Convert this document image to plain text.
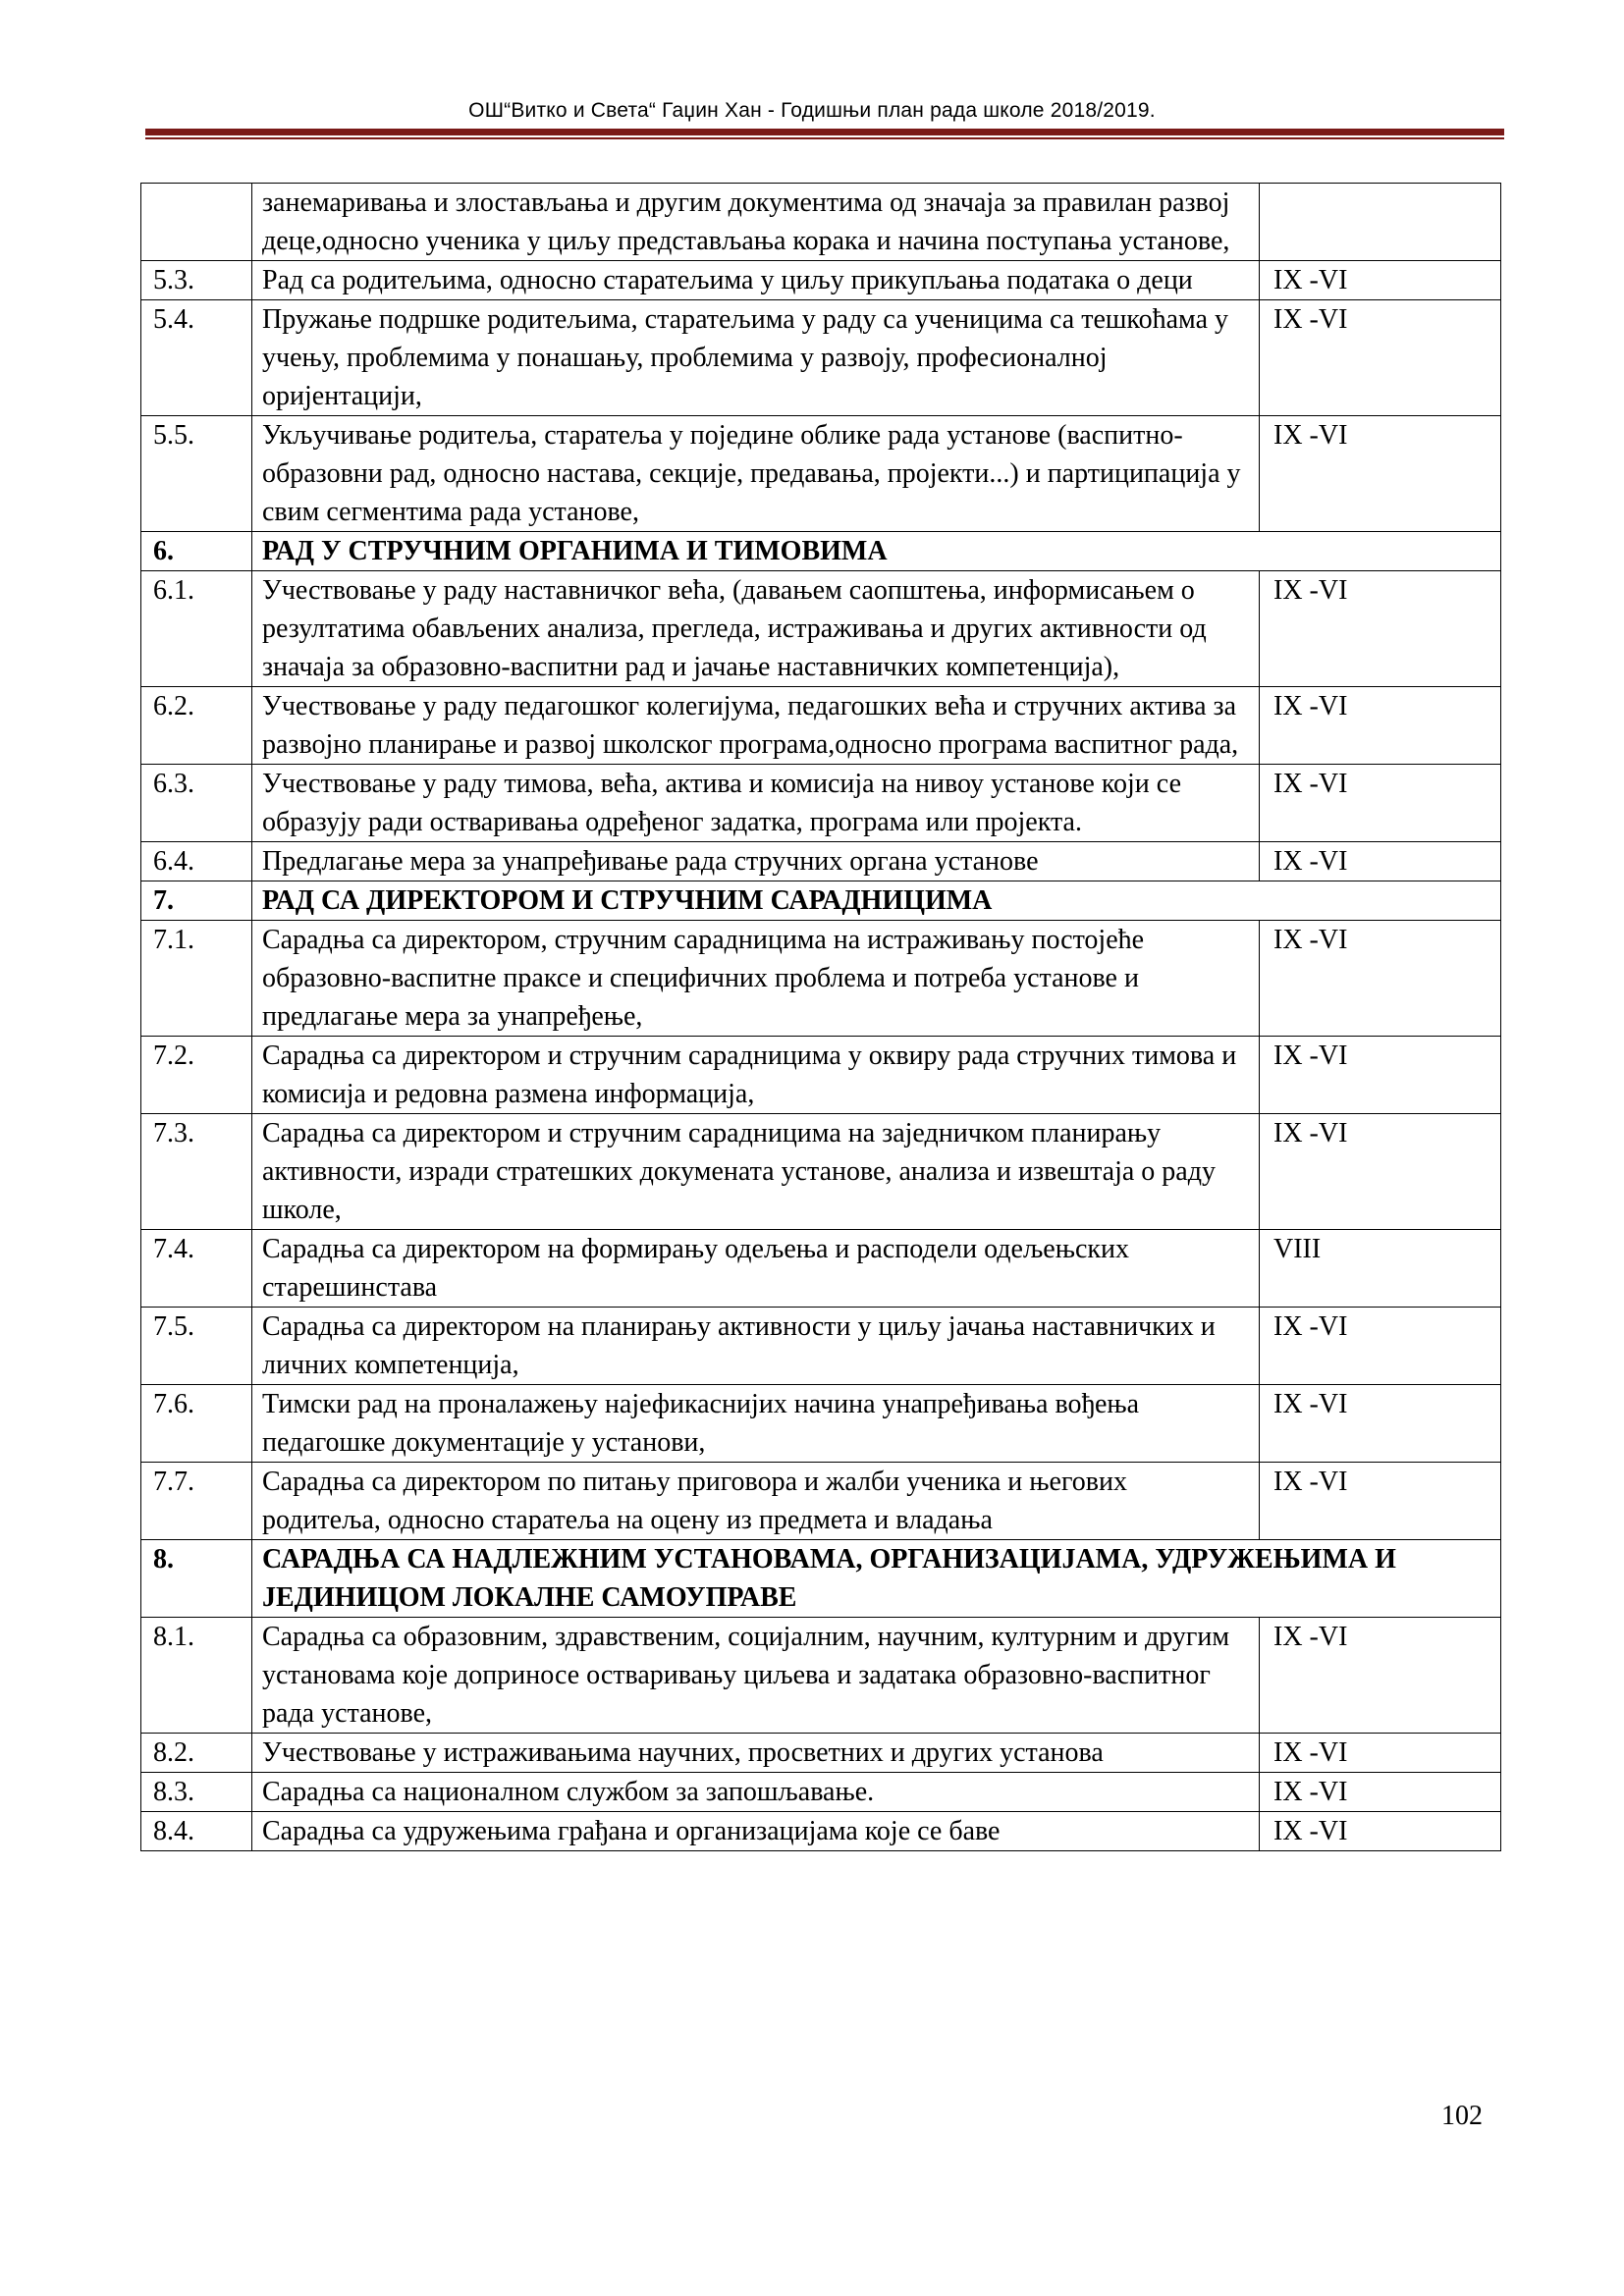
ОШ“Витко и Света“ Гаџин Хан - Годишњи план рада школе 2018/2019.
	занемаривања и злостављања и другим документима од значаја за правилан развој деце,односно ученика у циљу представљања корака и начина поступања установе,	
5.3.	Рад са родитељима, односно старатељима у циљу прикупљања података о деци	IX -VI
5.4.	Пружање подршке родитељима, старатељима у раду са ученицима са тешкоћама у учењу, проблемима у понашању, проблемима у развоју, професионалној оријентацији,	IX -VI
5.5.	Укључивање родитеља, старатеља у поједине облике рада установе (васпитно-образовни рад, односно настава, секције, предавања, пројекти...) и партиципација у свим сегментима рада установе,	IX -VI
6.	РАД У СТРУЧНИМ ОРГАНИМА И ТИМОВИМА	
6.1.	Учествовање у раду наставничког већа, (давањем саопштења, информисањем о резултатима обављених анализа, прегледа, истраживања и других активности од значаја за образовно-васпитни рад и јачање наставничких компетенција),	IX -VI
6.2.	Учествовање у раду педагошког колегијума, педагошких већа и стручних актива за развојно планирање и развој школског програма,односно програма васпитног рада,	IX -VI
6.3.	Учествовање у раду тимова, већа, актива и комисија на нивоу установе који се образују ради остваривања одређеног задатка, програма или пројекта.	IX -VI
6.4.	Предлагање мера за унапређивање рада стручних органа установе	IX -VI
7.	РАД СА ДИРЕКТОРОМ И СТРУЧНИМ САРАДНИЦИМА	
7.1.	Сарадња са директором, стручним сарадницима на истраживању постојеће образовно-васпитне праксе и специфичних проблема и потреба установе и предлагање мера за унапређење,	IX -VI
7.2.	Сарадња са директором и стручним сарадницима у оквиру рада стручних тимова и комисија и редовна размена информација,	IX -VI
7.3.	Сарадња са директором и стручним сарадницима на заједничком планирању активности, изради стратешких докумената установе, анализа и извештаја о раду школе,	IX -VI
7.4.	Сарадња са директором на формирању одељења и расподели одељењских старешинстава	VIII
7.5.	Сарадња са директором на планирању активности у циљу јачања наставничких и личних компетенција,	IX -VI
7.6.	Тимски рад на проналажењу најефикаснијих начина унапређивања вођења педагошке документације у установи,	IX -VI
7.7.	Сарадња са директором по питању приговора и жалби ученика и његових родитеља, односно старатеља на оцену из предмета и владања	IX -VI
8.	САРАДЊА СА НАДЛЕЖНИМ УСТАНОВАМА, ОРГАНИЗАЦИЈАМА, УДРУЖЕЊИМА И ЈЕДИНИЦОМ ЛОКАЛНЕ САМОУПРАВЕ	
8.1.	Сарадња са образовним, здравственим, социјалним, научним, културним и другим установама које доприносе остваривању циљева и задатака образовно-васпитног рада установе,	IX -VI
8.2.	Учествовање у истраживањима научних, просветних и других установа	IX -VI
8.3.	Сарадња са националном службом за запошљавање.	IX -VI
8.4.	Сарадња са удружењима грађана и организацијама које се баве	IX -VI
102
